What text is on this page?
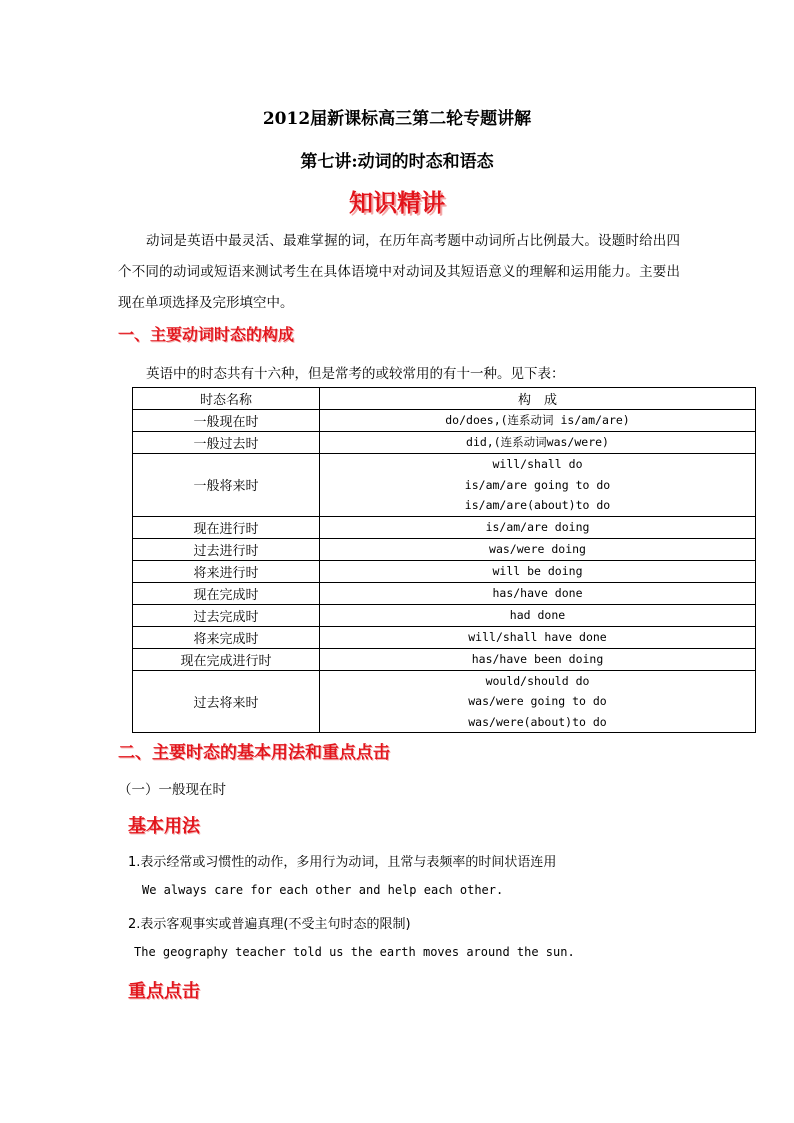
2012届新课标高三第二轮专题讲解
第七讲:动词的时态和语态
知识精讲
动词是英语中最灵活、最难掌握的词，在历年高考题中动词所占比例最大。设题时给出四个不同的动词或短语来测试考生在具体语境中对动词及其短语意义的理解和运用能力。主要出现在单项选择及完形填空中。
一、主要动词时态的构成
英语中的时态共有十六种，但是常考的或较常用的有十一种。见下表：
时态名称	构　成
一般现在时	do/does,(连系动词 is/am/are)

一般过去时	did,(连系动词was/were)

一般将来时	will/shall do
is/am/are going to do
is/am/are(about)to do

现在进行时	is/am/are doing

过去进行时	was/were doing

将来进行时	will be doing

现在完成时	has/have done

过去完成时	had done

将来完成时	will/shall have done

现在完成进行时	has/have been doing

过去将来时	would/should do
was/were going to do
was/were(about)to do
二、主要时态的基本用法和重点点击
（一）一般现在时
基本用法
1.表示经常或习惯性的动作，多用行为动词，且常与表频率的时间状语连用
We always care for each other and help each other.
2.表示客观事实或普遍真理(不受主句时态的限制)
The geography teacher told us the earth moves around the sun.
重点点击
